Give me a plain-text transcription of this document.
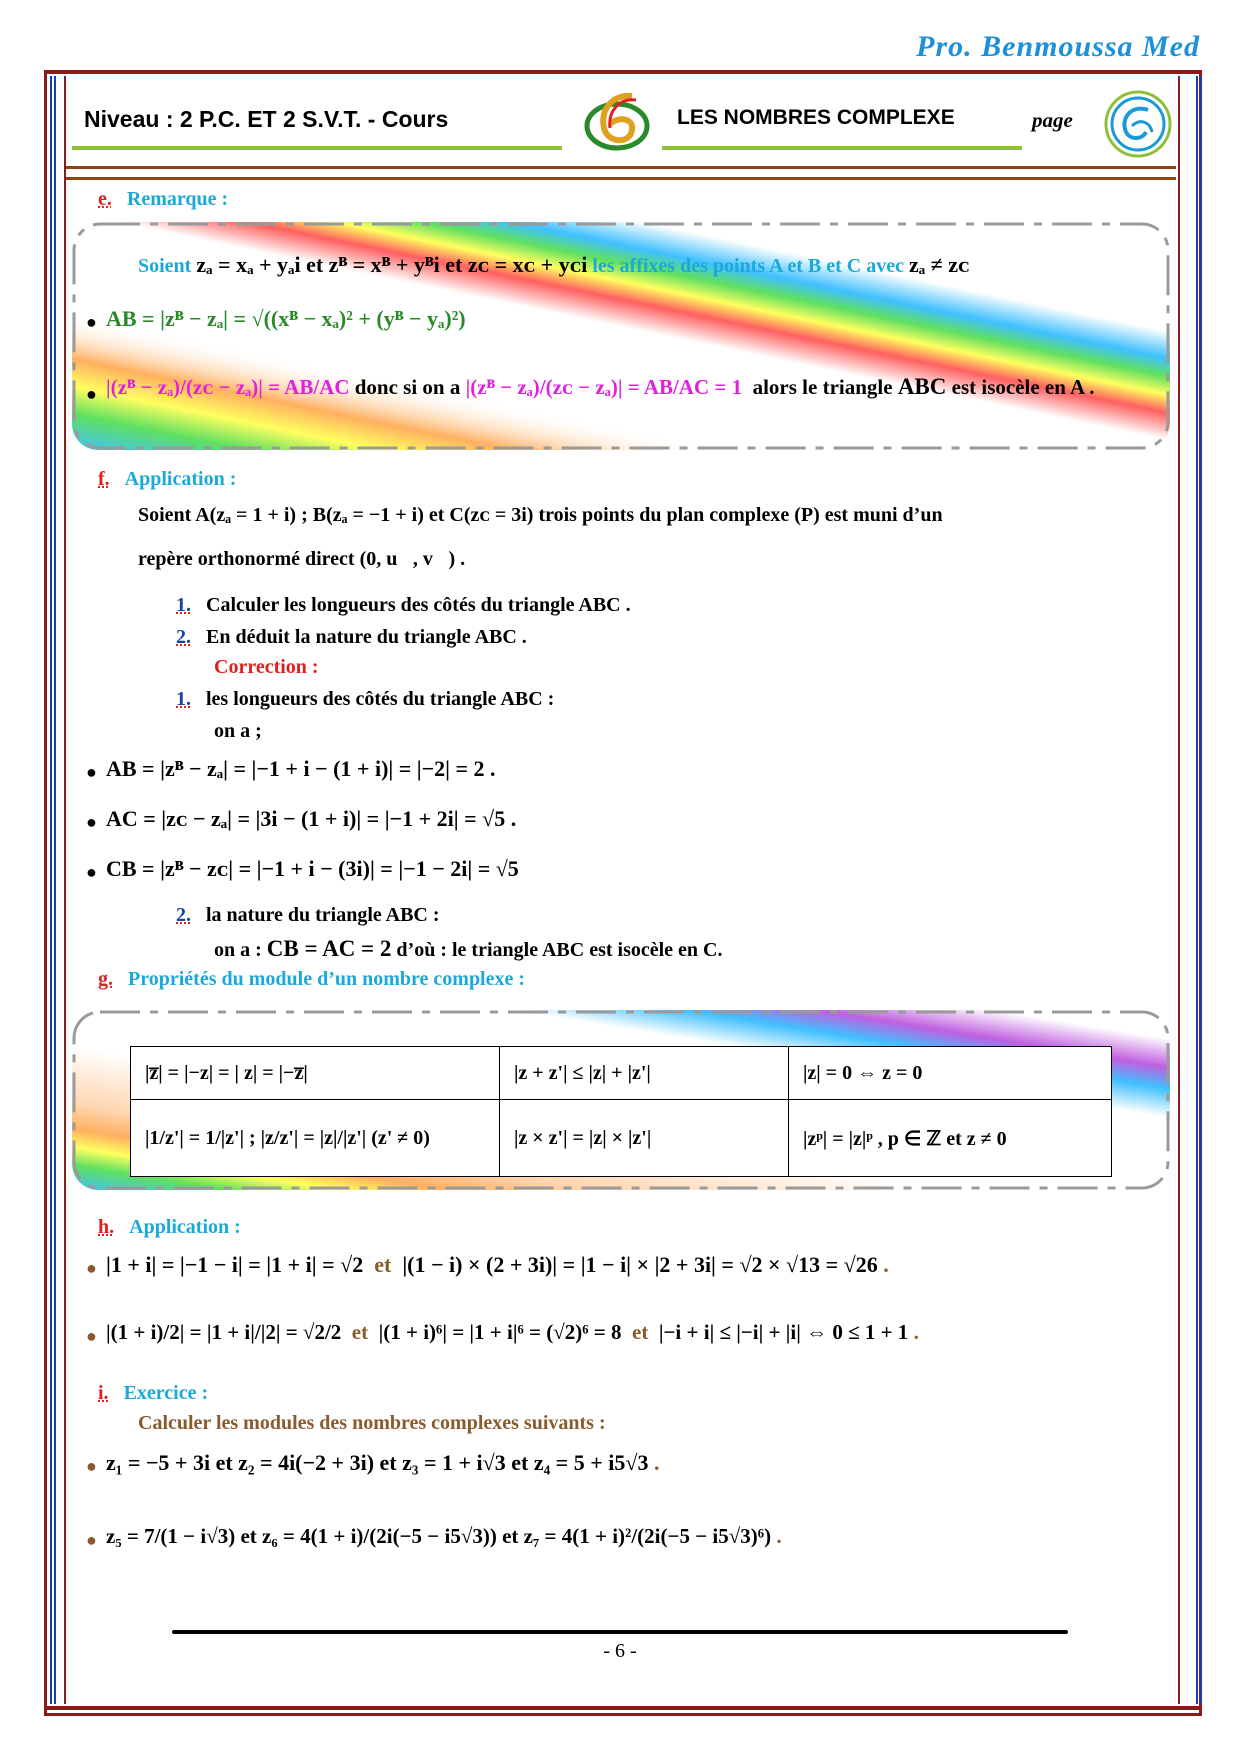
Pro. Benmoussa Med
Niveau : 2 P.C. ET 2 S.V.T. - Cours	LES NOMBRES COMPLEXE	page
e. Remarque :
Soient zₐ = xₐ + yₐi et zᴮ = xᴮ + yᴮi et zᴄ = xᴄ + yᴄi les affixes des points A et B et C avec zₐ ≠ zᴄ
● AB = |zᴮ − zₐ| = √((xᴮ − xₐ)² + (yᴮ − yₐ)²)
● |(zᴮ − zₐ)/(zᴄ − zₐ)| = AB/AC donc si on a |(zᴮ − zₐ)/(zᴄ − zₐ)| = AB/AC = 1 alors le triangle ABC est isocèle en A .
f. Application :
Soient A(zₐ = 1 + i) ; B(zₐ = −1 + i) et C(zᴄ = 3i) trois points du plan complexe (P) est muni d’un
repère orthonormé direct (0, u⃗, v⃗) .
1. Calculer les longueurs des côtés du triangle ABC .
2. En déduit la nature du triangle ABC .
Correction :
1. les longueurs des côtés du triangle ABC :
on a ;
● AB = |zᴮ − zₐ| = |−1 + i − (1 + i)| = |−2| = 2 .
● AC = |zᴄ − zₐ| = |3i − (1 + i)| = |−1 + 2i| = √5 .
● CB = |zᴮ − zᴄ| = |−1 + i − (3i)| = |−1 − 2i| = √5
2. la nature du triangle ABC :
on a : CB = AC = 2 d’où : le triangle ABC est isocèle en C.
g. Propriétés du module d’un nombre complexe :
|z̅| = |−z| = | z| = |−z̅|	|z + z'| ≤ |z| + |z'|	|z| = 0 ⇔ z = 0
|1/z'| = 1/|z'| ; |z/z'| = |z|/|z'| (z' ≠ 0)	|z × z'| = |z| × |z'|	|zᵖ| = |z|ᵖ , p ∈ ℤ et z ≠ 0
h. Application :
● |1 + i| = |−1 − i| = |1 + i| = √2 et |(1 − i) × (2 + 3i)| = |1 − i| × |2 + 3i| = √2 × √13 = √26 .
● |(1 + i)/2| = |1 + i|/|2| = √2/2 et |(1 + i)⁶| = |1 + i|⁶ = (√2)⁶ = 8 et |−i + i| ≤ |−i| + |i| ⇔ 0 ≤ 1 + 1 .
i. Exercice :
Calculer les modules des nombres complexes suivants :
● z₁ = −5 + 3i et z₂ = 4i(−2 + 3i) et z₃ = 1 + i√3 et z₄ = 5 + i5√3 .
● z₅ = 7/(1 − i√3) et z₆ = 4(1 + i)/(2i(−5 − i5√3)) et z₇ = 4(1 + i)²/(2i(−5 − i5√3)⁶) .
- 6 -
